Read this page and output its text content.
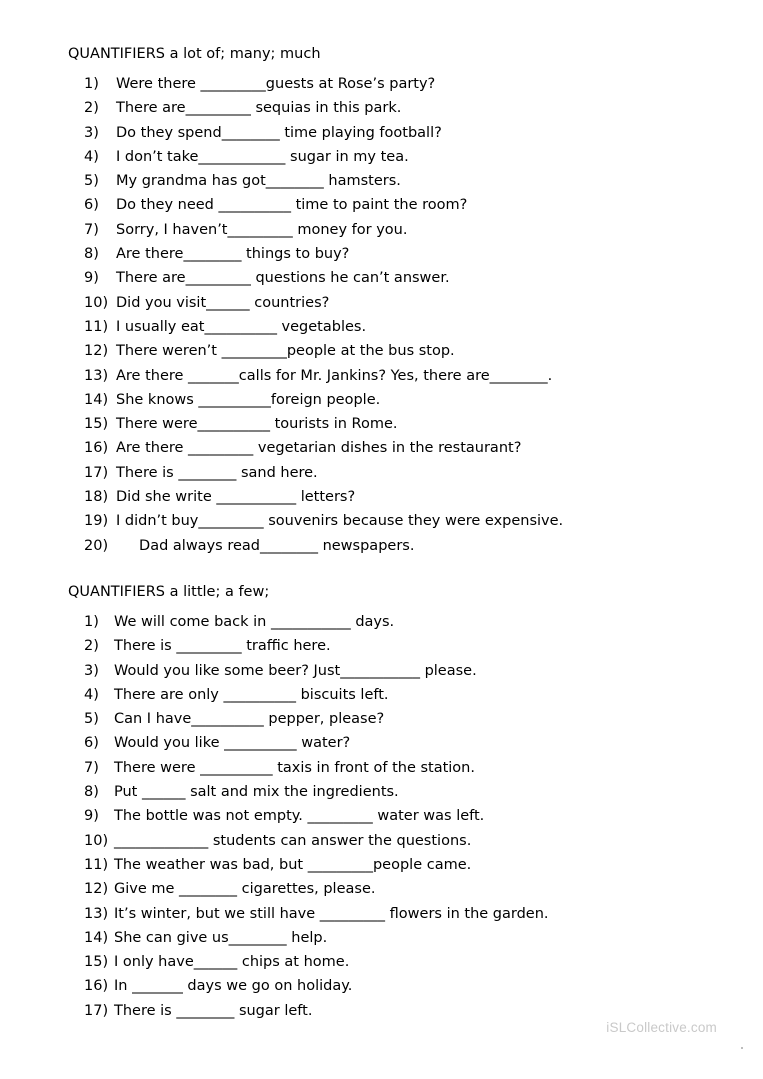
QUANTIFIERS a lot of; many; much
1)	Were there _________guests at Rose’s party?
2)	There are_________ sequias in this park.
3)	Do they spend________ time playing football?
4)	I don’t take____________ sugar in my tea.
5)	My grandma has got________ hamsters.
6)	Do they need __________ time to paint the room?
7)	Sorry, I haven’t_________ money for you.
8)	Are there________ things to buy?
9)	There are_________ questions he can’t answer.
10) Did you visit______ countries?
11) I usually eat__________ vegetables.
12) There weren’t _________people at the bus stop.
13) Are there _______calls for Mr. Jankins? Yes, there are________.
14) She knows __________foreign people.
15) There were__________ tourists in Rome.
16) Are there _________ vegetarian dishes in the restaurant?
17) There is ________ sand here.
18) Did she write ___________ letters?
19) I didn’t buy_________ souvenirs because they were expensive.
20) Dad always read________ newspapers.
QUANTIFIERS a little; a few;
1)	We will come back in ___________ days.
2)	There is _________ traffic here.
3)	Would you like some beer? Just___________ please.
4)	There are only __________ biscuits left.
5)	Can I have__________ pepper, please?
6)	Would you like __________ water?
7)	There were __________ taxis in front of the station.
8)	Put ______ salt and mix the ingredients.
9)	The bottle was not empty. _________ water was left.
10) _____________ students can answer the questions.
11) The weather was bad, but _________people came.
12) Give me ________ cigarettes, please.
13) It’s winter, but we still have _________ flowers in the garden.
14) She can give us________ help.
15) I only have______ chips at home.
16) In _______ days we go on holiday.
17) There is ________ sugar left.
iSLCollective.com
